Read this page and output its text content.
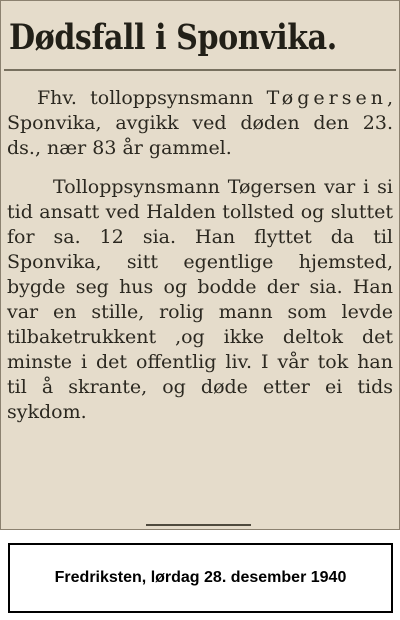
Dødsfall i Sponvika.
Fhv. tolloppsynsmann Tøgersen, Sponvika, avgikk ved døden den 23. ds., nær 83 år gammel.
Tolloppsynsmann Tøgersen var i si tid ansatt ved Halden tollsted og sluttet for sa. 12 sia. Han flyttet da til Sponvika, sitt egentlige hjemsted, bygde seg hus og bodde der sia. Han var en stille, rolig mann som levde tilbaketrukkent ,og ikke deltok det minste i det offentlig liv. I vår tok han til å skrante, og døde etter ei tids sykdom.
Fredriksten, lørdag 28. desember 1940
